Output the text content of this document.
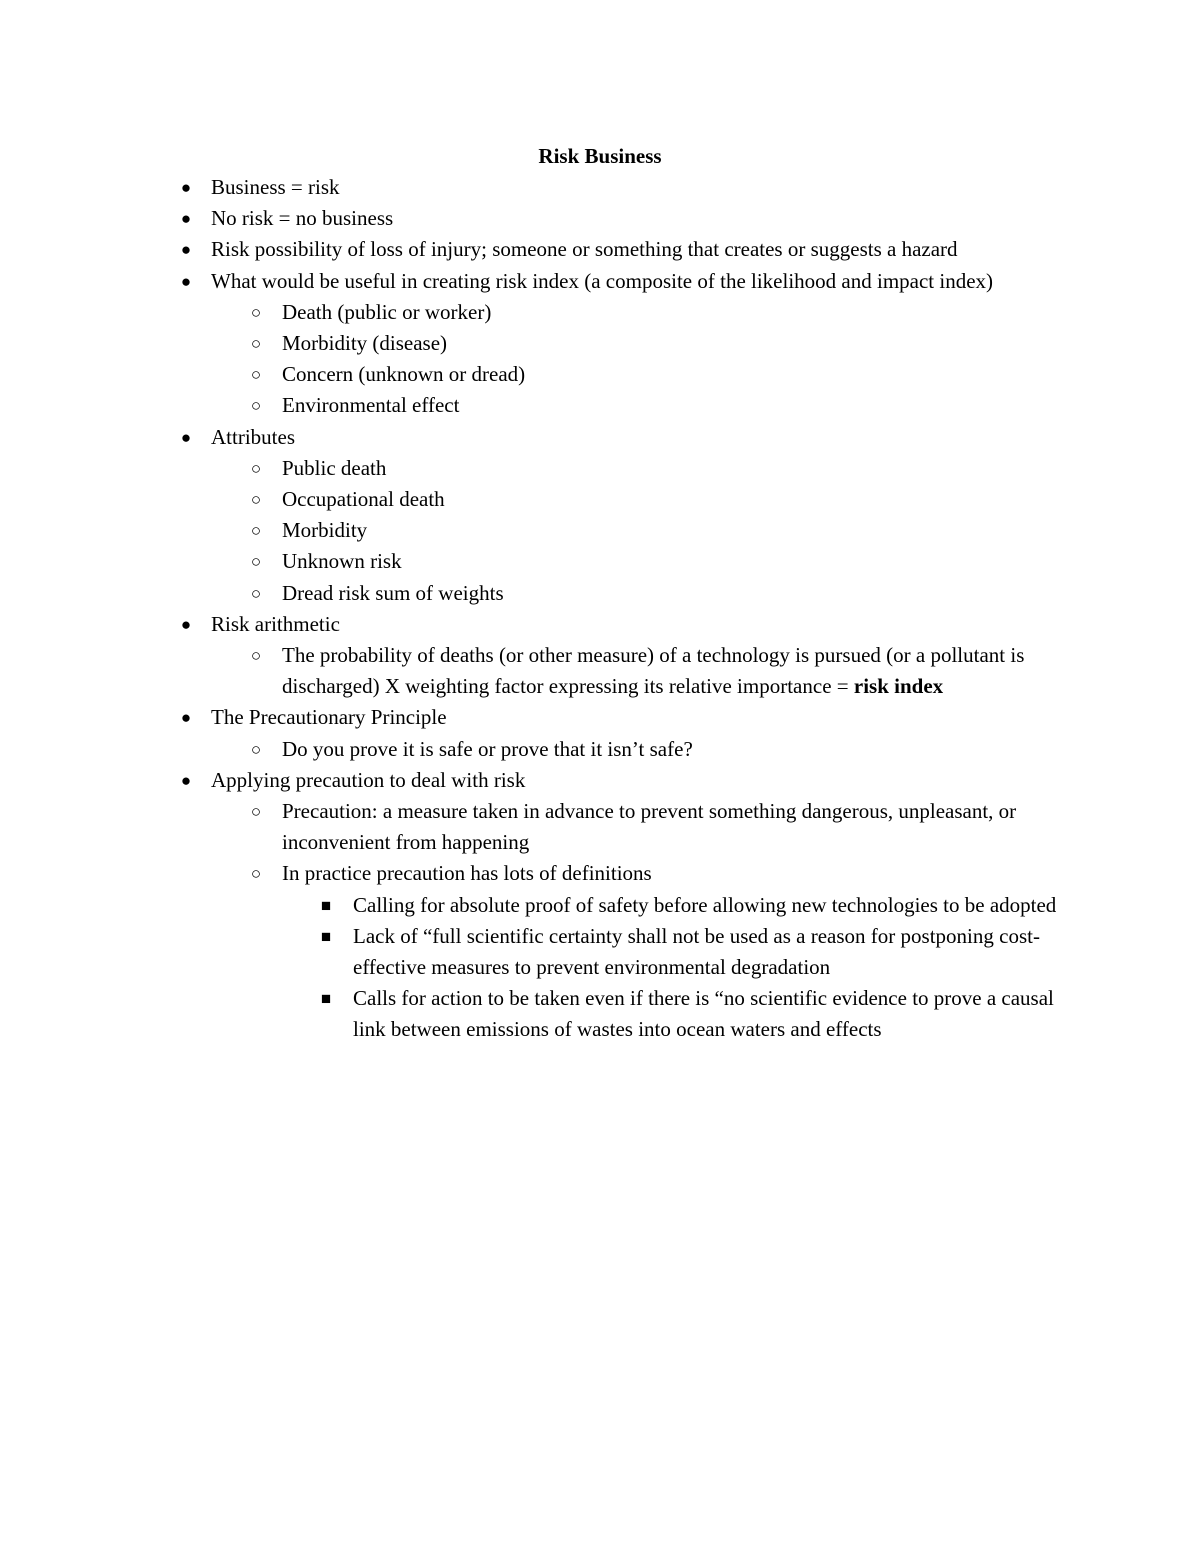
Risk Business
● Business = risk
● No risk = no business
● Risk possibility of loss of injury; someone or something that creates or suggests a hazard
● What would be useful in creating risk index (a composite of the likelihood and impact index)
○ Death (public or worker)
○ Morbidity (disease)
○ Concern (unknown or dread)
○ Environmental effect
● Attributes
○ Public death
○ Occupational death
○ Morbidity
○ Unknown risk
○ Dread risk sum of weights
● Risk arithmetic
○ The probability of deaths (or other measure) of a technology is pursued (or a pollutant is discharged) X weighting factor expressing its relative importance = risk index
● The Precautionary Principle
○ Do you prove it is safe or prove that it isn’t safe?
● Applying precaution to deal with risk
○ Precaution: a measure taken in advance to prevent something dangerous, unpleasant, or inconvenient from happening
○ In practice precaution has lots of definitions
■ Calling for absolute proof of safety before allowing new technologies to be adopted
■ Lack of “full scientific certainty shall not be used as a reason for postponing cost-effective measures to prevent environmental degradation
■ Calls for action to be taken even if there is “no scientific evidence to prove a causal link between emissions of wastes into ocean waters and effects
